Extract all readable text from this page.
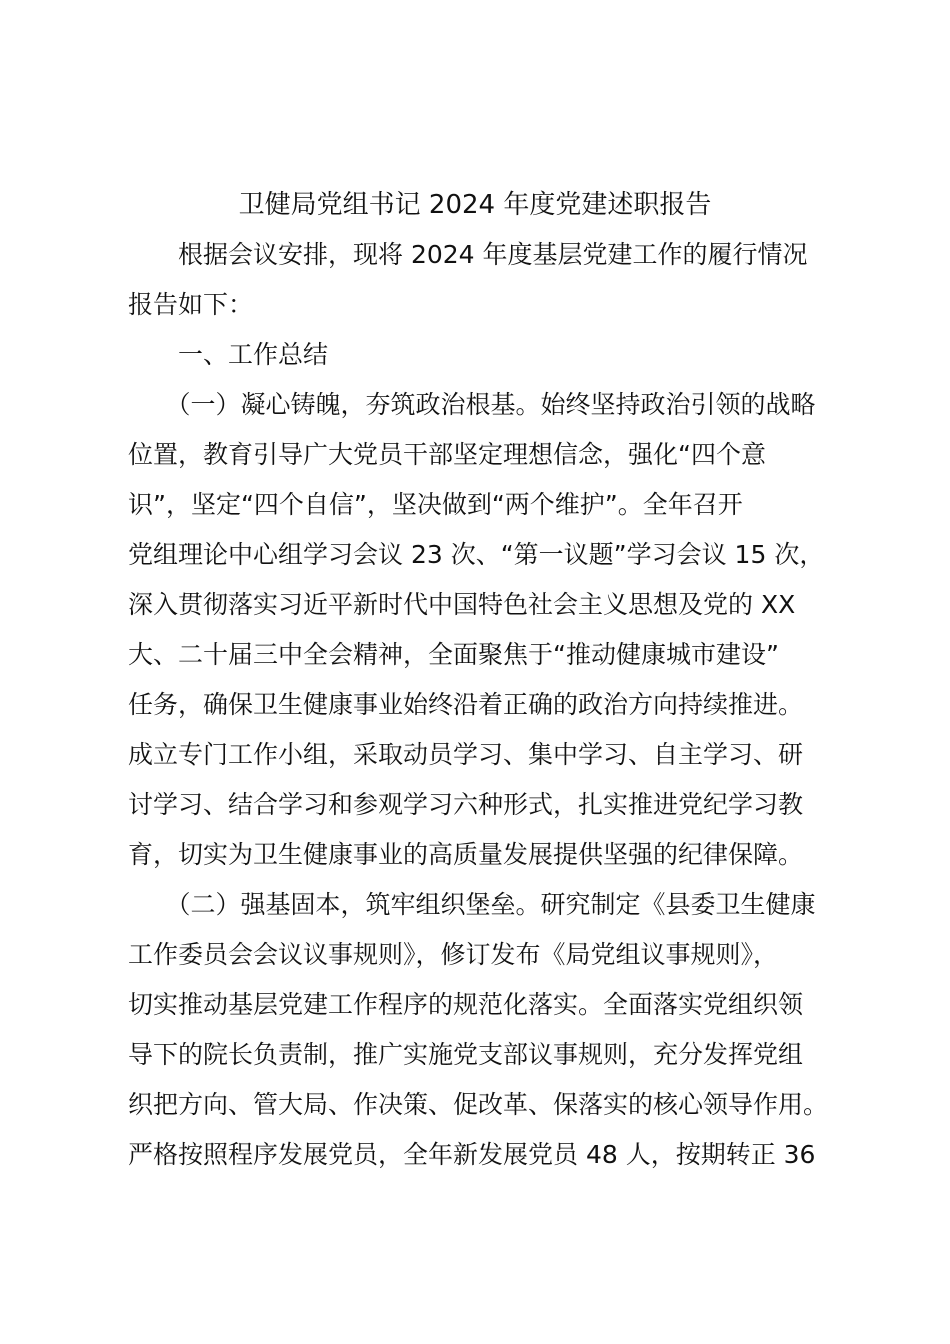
卫健局党组书记 2024 年度党建述职报告
　　根据会议安排，现将 2024 年度基层党建工作的履行情况
报告如下：
　　一、工作总结
　　（一）凝心铸魄，夯筑政治根基。始终坚持政治引领的战略
位置，教育引导广大党员干部坚定理想信念，强化“四个意
识”，坚定“四个自信”，坚决做到“两个维护”。全年召开
党组理论中心组学习会议 23 次、“第一议题”学习会议 15 次，
深入贯彻落实习近平新时代中国特色社会主义思想及党的 XX
大、二十届三中全会精神，全面聚焦于“推动健康城市建设”
任务，确保卫生健康事业始终沿着正确的政治方向持续推进。
成立专门工作小组，采取动员学习、集中学习、自主学习、研
讨学习、结合学习和参观学习六种形式，扎实推进党纪学习教
育，切实为卫生健康事业的高质量发展提供坚强的纪律保障。
　　（二）强基固本，筑牢组织堡垒。研究制定《县委卫生健康
工作委员会会议议事规则》，修订发布《局党组议事规则》，
切实推动基层党建工作程序的规范化落实。全面落实党组织领
导下的院长负责制，推广实施党支部议事规则，充分发挥党组
织把方向、管大局、作决策、促改革、保落实的核心领导作用。
严格按照程序发展党员，全年新发展党员 48 人，按期转正 36
